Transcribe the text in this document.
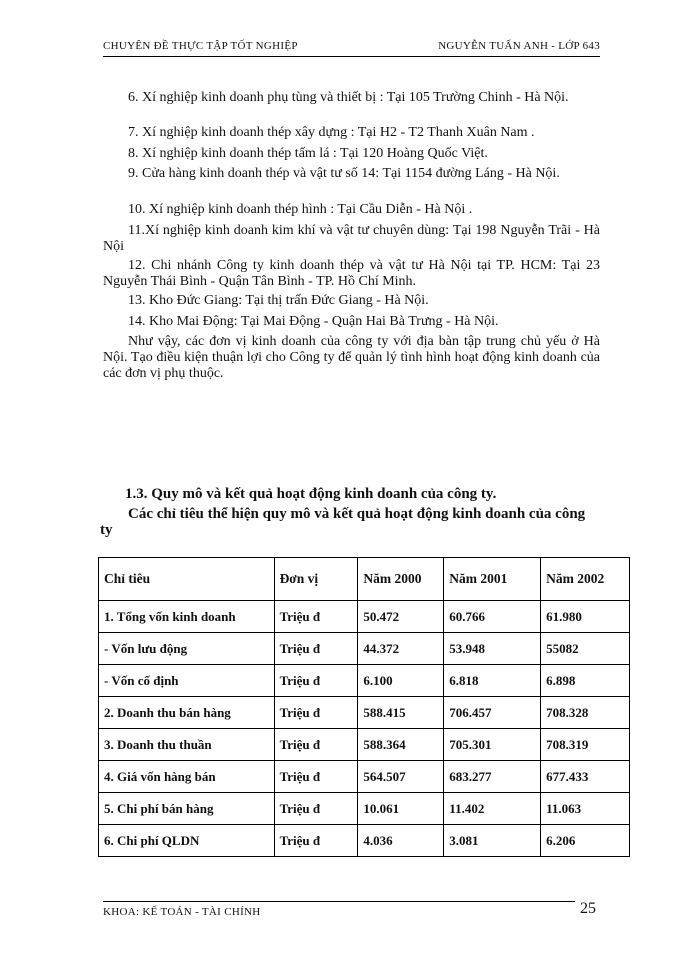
CHUYÊN ĐỀ THỰC TẬP TỐT NGHIỆP	NGUYỄN TUẤN ANH - LỚP 643
6. Xí nghiệp kinh doanh phụ tùng và thiết bị : Tại 105 Trường Chinh - Hà Nội.
7. Xí nghiệp kinh doanh thép xây dựng : Tại H2 - T2 Thanh Xuân Nam .
8. Xí nghiệp kinh doanh thép tấm lá : Tại 120 Hoàng Quốc Việt.
9. Cửa hàng kinh doanh thép và vật tư số 14: Tại 1154 đường Láng - Hà Nội.
10. Xí nghiệp kinh doanh thép hình : Tại Cầu Diễn - Hà Nội .
11.Xí nghiệp kinh doanh kim khí và vật tư chuyên dùng: Tại 198 Nguyễn Trãi - Hà Nội
12. Chi nhánh Công ty kinh doanh thép và vật tư Hà Nội tại TP. HCM: Tại 23 Nguyễn Thái Bình - Quận Tân Bình - TP. Hồ Chí Minh.
13. Kho Đức Giang: Tại thị trấn Đức Giang - Hà Nội.
14. Kho Mai Động: Tại Mai Động - Quận Hai Bà Trưng - Hà Nội.
Như vậy, các đơn vị kinh doanh của công ty với địa bàn tập trung chủ yếu ở Hà Nội. Tạo điều kiện thuận lợi cho Công ty để quản lý tình hình hoạt động kinh doanh của các đơn vị phụ thuộc.
1.3. Quy mô và kết quả hoạt động kinh doanh của công ty.
Các chỉ tiêu thể hiện quy mô và kết quả hoạt động kinh doanh của công ty
Chỉ tiêu	Đơn vị	Năm 2000	Năm 2001	Năm 2002
1. Tổng vốn kinh doanh	Triệu đ	50.472	60.766	61.980
- Vốn lưu động	Triệu đ	44.372	53.948	55082
- Vốn cố định	Triệu đ	6.100	6.818	6.898
2. Doanh thu bán hàng	Triệu đ	588.415	706.457	708.328
3. Doanh thu thuần	Triệu đ	588.364	705.301	708.319
4. Giá vốn hàng bán	Triệu đ	564.507	683.277	677.433
5. Chi phí bán hàng	Triệu đ	10.061	11.402	11.063
6. Chi phí QLDN	Triệu đ	4.036	3.081	6.206
KHOA: KẾ TOÁN - TÀI CHÍNH	25
